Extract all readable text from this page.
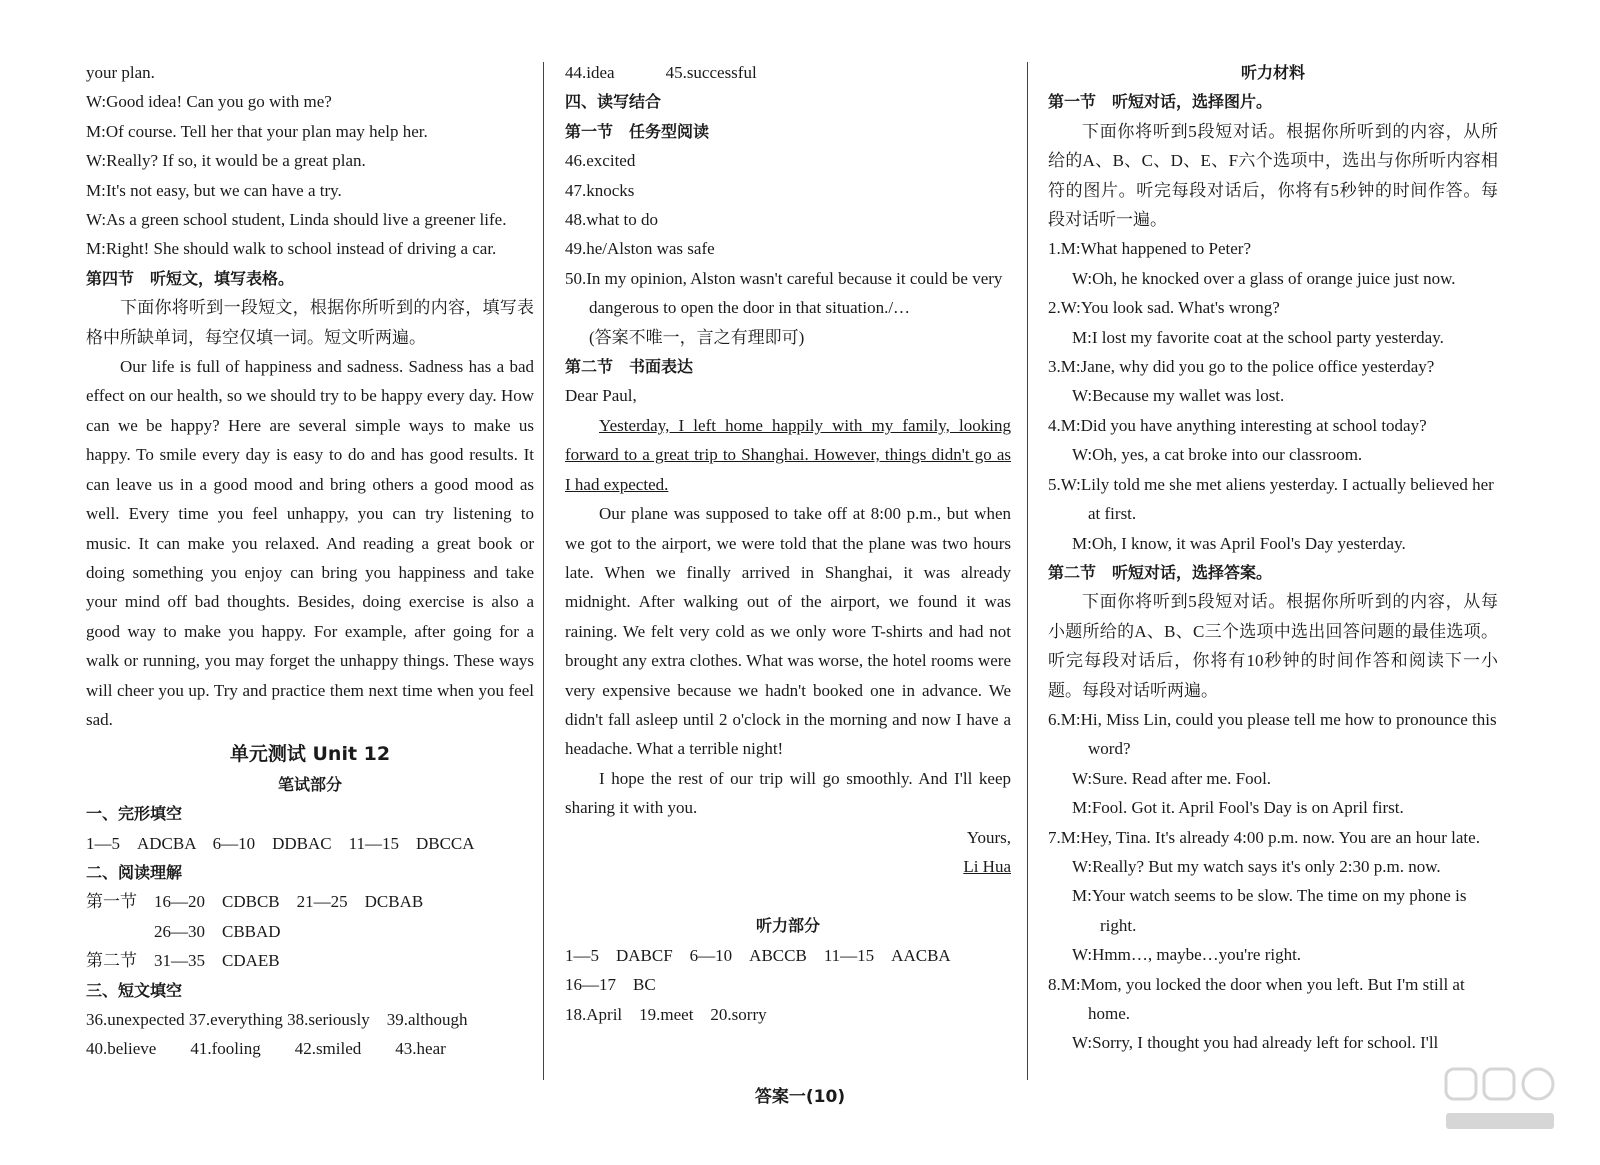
your plan.

W:Good idea! Can you go with me?

M:Of course. Tell her that your plan may help her.

W:Really? If so, it would be a great plan.

M:It's not easy, but we can have a try.

W:As a green school student, Linda should live a greener life.

M:Right! She should walk to school instead of driving a car.

第四节　听短文，填写表格。

下面你将听到一段短文，根据你所听到的内容，填写表格中所缺单词，每空仅填一词。短文听两遍。

Our life is full of happiness and sadness. Sadness has a bad effect on our health, so we should try to be happy every day. How can we be happy? Here are several simple ways to make us happy. To smile every day is easy to do and has good results. It can leave us in a good mood and bring others a good mood as well. Every time you feel unhappy, you can try listening to music. It can make you relaxed. And reading a great book or doing something you enjoy can bring you happiness and take your mind off bad thoughts. Besides, doing exercise is also a good way to make you happy. For example, after going for a walk or running, you may forget the unhappy things. These ways will cheer you up. Try and practice them next time when you feel sad.

单元测试 Unit 12

笔试部分

一、完形填空

1—5　ADCBA　6—10　DDBAC　11—15　DBCCA

二、阅读理解

第一节　16—20　CDBCB　21—25　DCBAB

　　　　26—30　CBBAD

第二节　31—35　CDAEB

三、短文填空

36.unexpected 37.everything 38.seriously　39.although

40.believe　　41.fooling　　42.smiled　　43.hear

44.idea　　　45.successful

四、读写结合

第一节　任务型阅读

46.excited

47.knocks

48.what to do

49.he/Alston was safe

50.In my opinion, Alston wasn't careful because it could be very dangerous to open the door in that situation./…

(答案不唯一，言之有理即可)

第二节　书面表达

Dear Paul,

Yesterday, I left home happily with my family, looking forward to a great trip to Shanghai. However, things didn't go as I had expected.

Our plane was supposed to take off at 8:00 p.m., but when we got to the airport, we were told that the plane was two hours late. When we finally arrived in Shanghai, it was already midnight. After walking out of the airport, we found it was raining. We felt very cold as we only wore T-shirts and had not brought any extra clothes. What was worse, the hotel rooms were very expensive because we hadn't booked one in advance. We didn't fall asleep until 2 o'clock in the morning and now I have a headache. What a terrible night!

I hope the rest of our trip will go smoothly. And I'll keep sharing it with you.

Yours,

Li Hua

听力部分

1—5　DABCF　6—10　ABCCB　11—15　AACBA

16—17　BC

18.April　19.meet　20.sorry

听力材料

第一节　听短对话，选择图片。

下面你将听到5段短对话。根据你所听到的内容，从所给的A、B、C、D、E、F六个选项中，选出与你所听内容相符的图片。听完每段对话后，你将有5秒钟的时间作答。每段对话听一遍。

1.M:What happened to Peter?

W:Oh, he knocked over a glass of orange juice just now.

2.W:You look sad. What's wrong?

M:I lost my favorite coat at the school party yesterday.

3.M:Jane, why did you go to the police office yesterday?

W:Because my wallet was lost.

4.M:Did you have anything interesting at school today?

W:Oh, yes, a cat broke into our classroom.

5.W:Lily told me she met aliens yesterday. I actually believed her at first.

M:Oh, I know, it was April Fool's Day yesterday.

第二节　听短对话，选择答案。

下面你将听到5段短对话。根据你所听到的内容，从每小题所给的A、B、C三个选项中选出回答问题的最佳选项。听完每段对话后，你将有10秒钟的时间作答和阅读下一小题。每段对话听两遍。

6.M:Hi, Miss Lin, could you please tell me how to pronounce this word?

W:Sure. Read after me. Fool.

M:Fool. Got it. April Fool's Day is on April first.

7.M:Hey, Tina. It's already 4:00 p.m. now. You are an hour late.

W:Really? But my watch says it's only 2:30 p.m. now.

M:Your watch seems to be slow. The time on my phone is right.

W:Hmm…, maybe…you're right.

8.M:Mom, you locked the door when you left. But I'm still at home.

W:Sorry, I thought you had already left for school. I'll

答案一(10)
